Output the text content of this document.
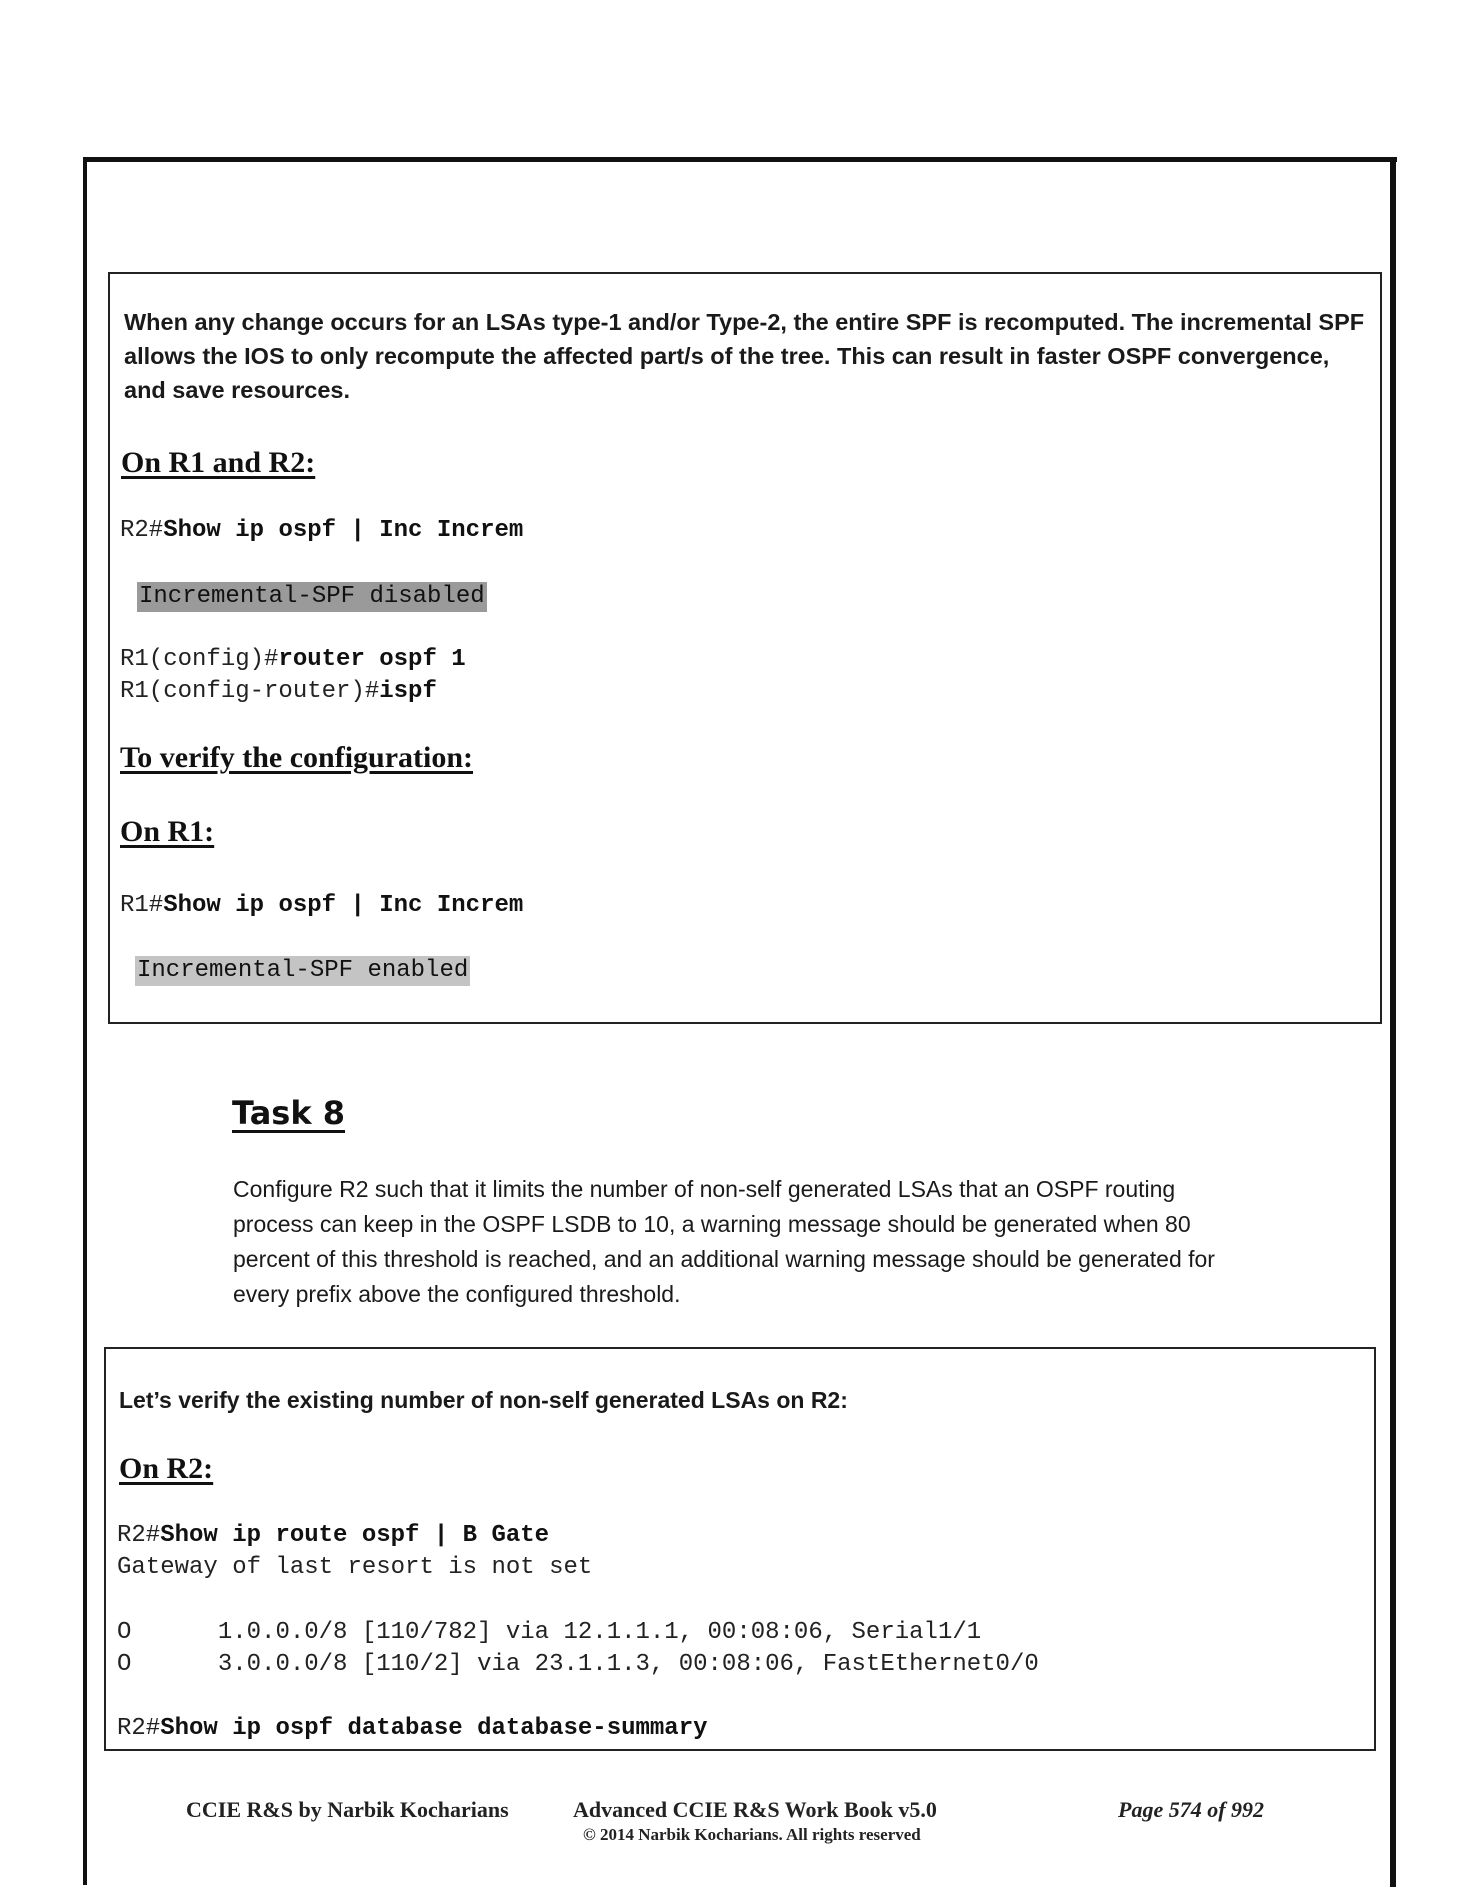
When any change occurs for an LSAs type-1 and/or Type-2, the entire SPF is recomputed. The incremental SPF allows the IOS to only recompute the affected part/s of the tree. This can result in faster OSPF convergence, and save resources.
On R1 and R2:
R2#Show ip ospf | Inc Increm
Incremental-SPF disabled
R1(config)#router ospf 1
R1(config-router)#ispf
To verify the configuration:
On R1:
R1#Show ip ospf | Inc Increm
Incremental-SPF enabled
Task 8
Configure R2 such that it limits the number of non-self generated LSAs that an OSPF routing process can keep in the OSPF LSDB to 10, a warning message should be generated when 80 percent of this threshold is reached, and an additional warning message should be generated for every prefix above the configured threshold.
Let’s verify the existing number of non-self generated LSAs on R2:
On R2:
R2#Show ip route ospf | B Gate
Gateway of last resort is not set
O	1.0.0.0/8 [110/782] via 12.1.1.1, 00:08:06, Serial1/1
O	3.0.0.0/8 [110/2] via 23.1.1.3, 00:08:06, FastEthernet0/0
R2#Show ip ospf database database-summary
CCIE R&S by Narbik Kocharians	Advanced CCIE R&S Work Book v5.0
© 2014 Narbik Kocharians. All rights reserved
Page 574 of 992
